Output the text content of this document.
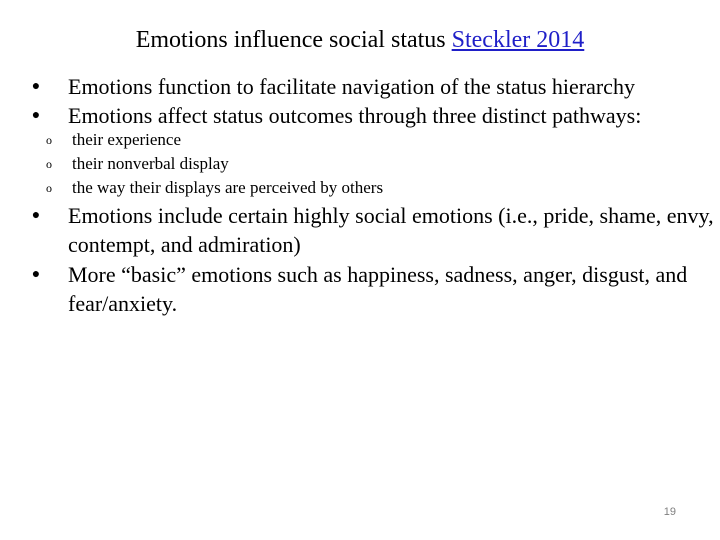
Emotions influence social status Steckler 2014
● Emotions function to facilitate navigation of the status hierarchy
● Emotions affect status outcomes through three distinct pathways:
o their experience
o their nonverbal display
o the way their displays are perceived by others
● Emotions include certain highly social emotions (i.e., pride, shame, envy, contempt, and admiration)
● More “basic” emotions such as happiness, sadness, anger, disgust, and fear/anxiety.
19
